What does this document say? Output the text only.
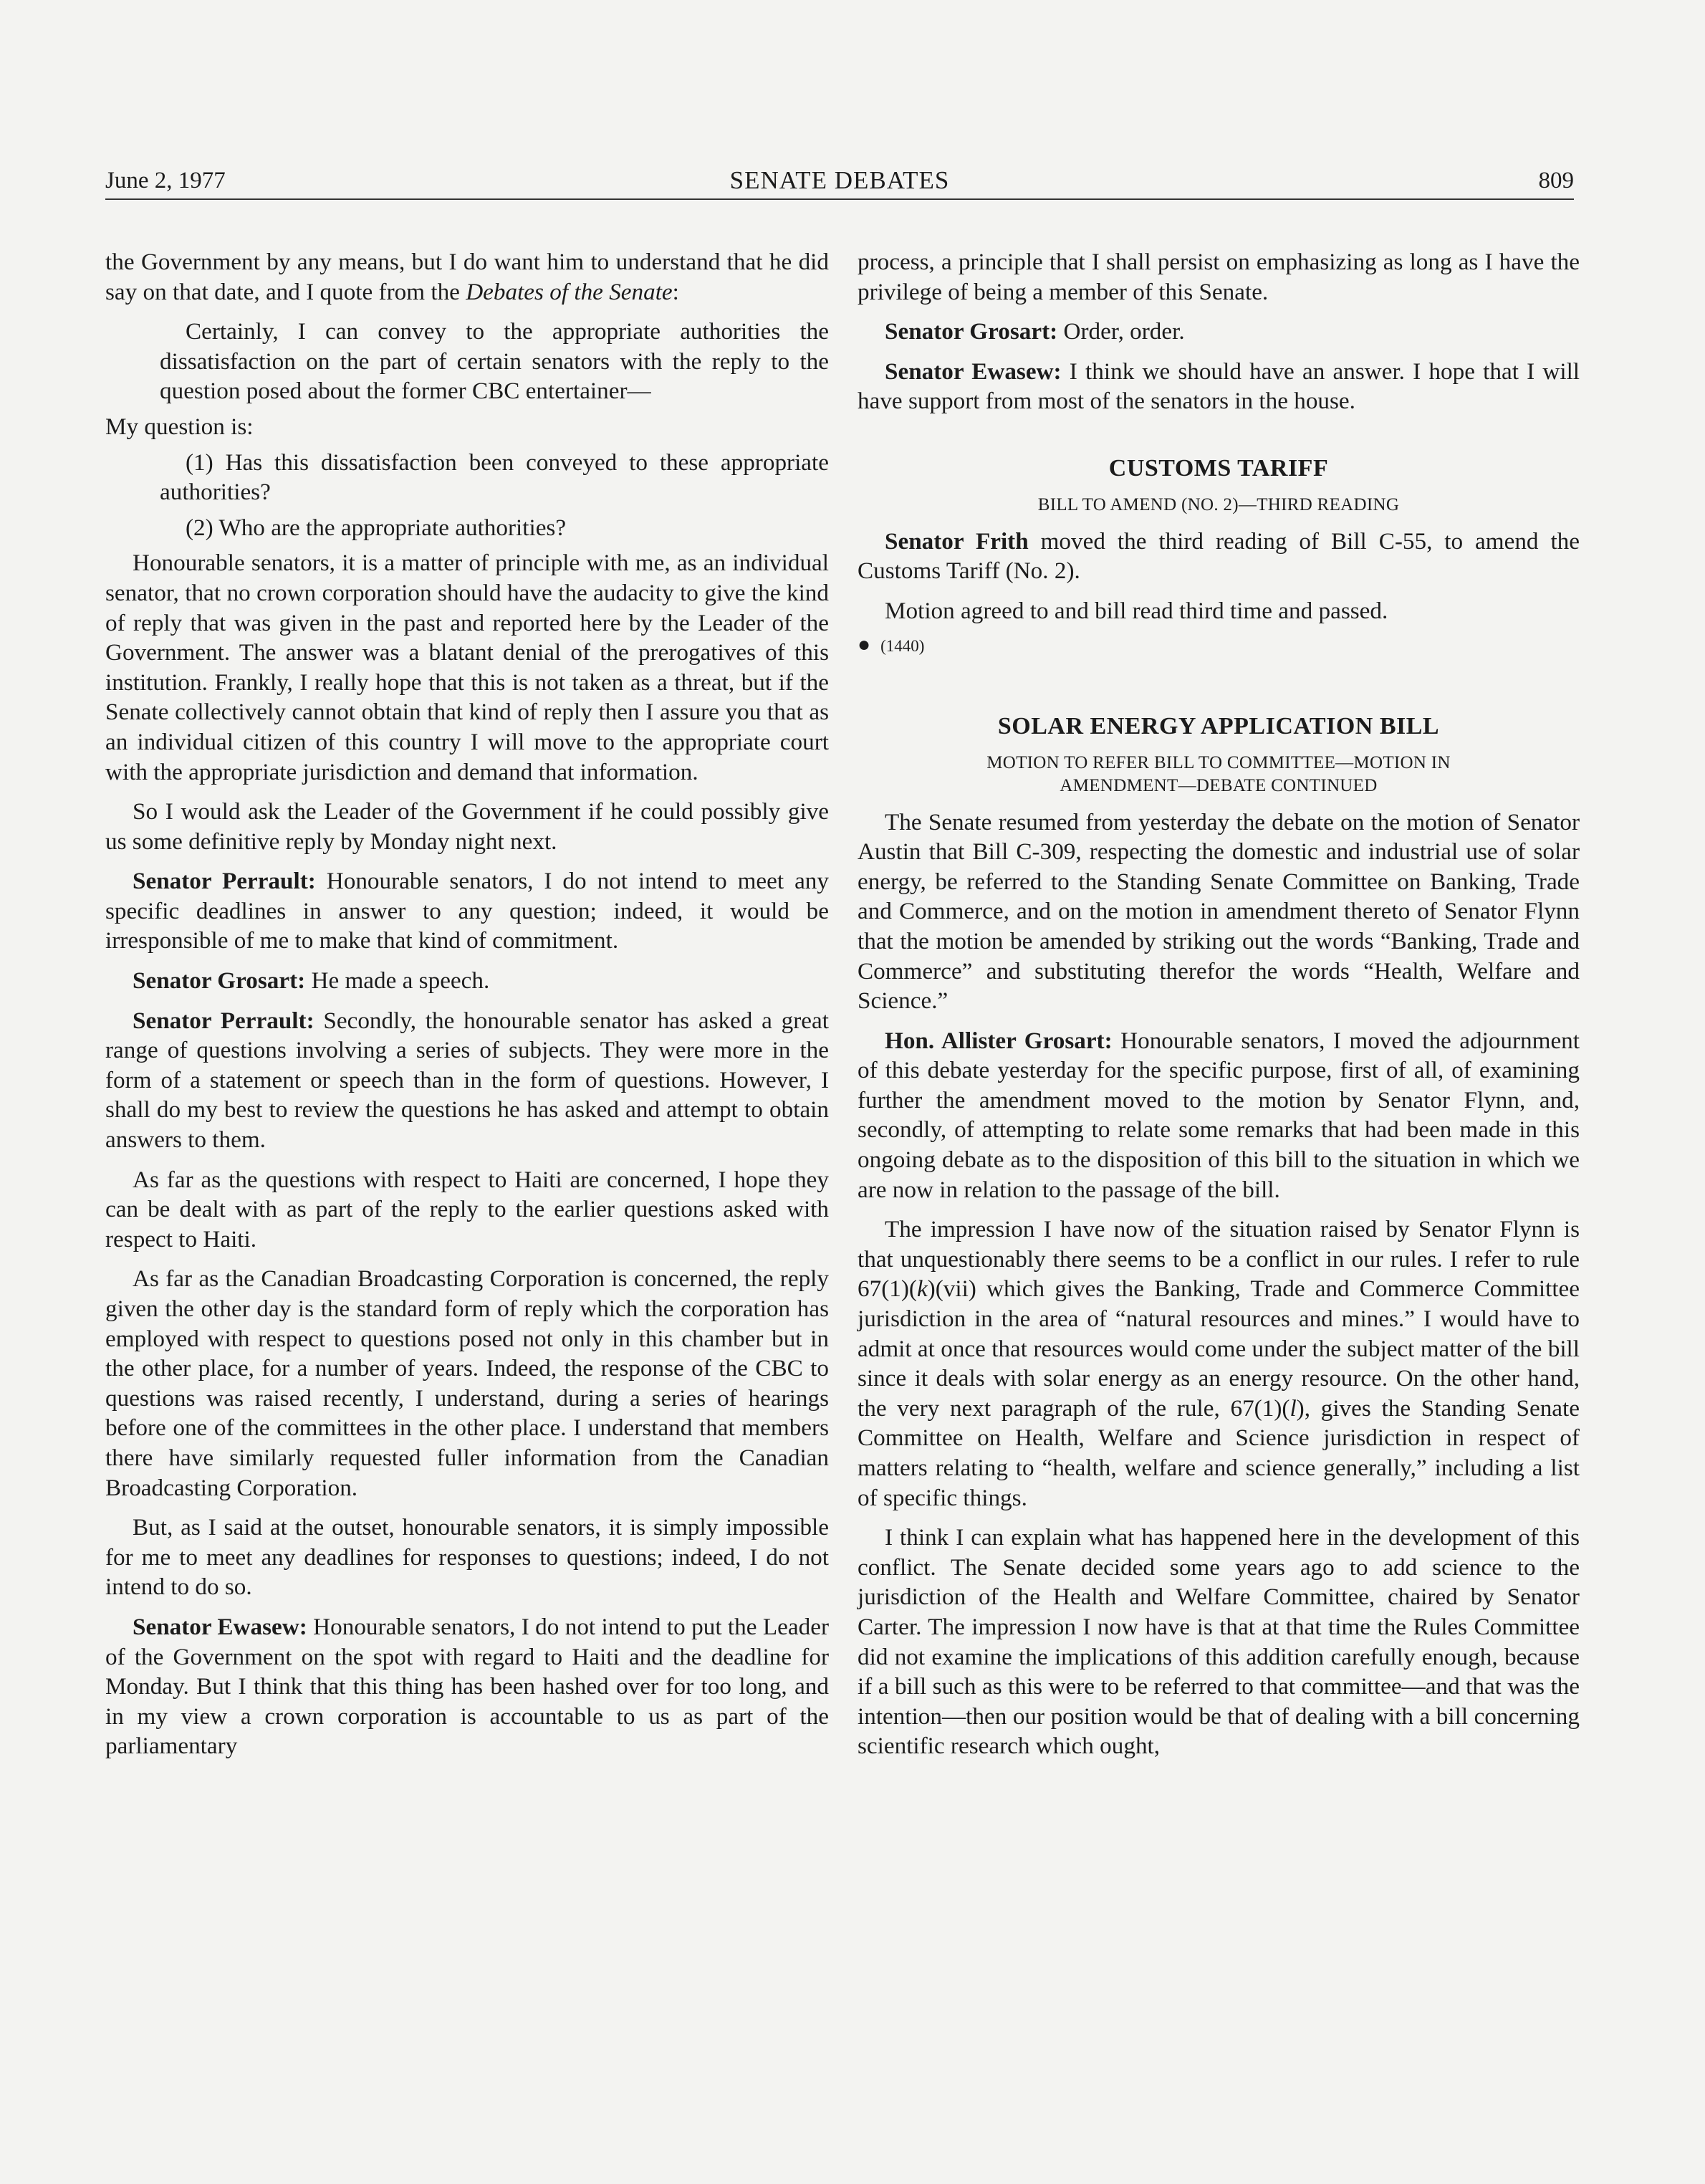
June 2, 1977	SENATE DEBATES	809

the Government by any means, but I do want him to understand that he did say on that date, and I quote from the Debates of the Senate:

Certainly, I can convey to the appropriate authorities the dissatisfaction on the part of certain senators with the reply to the question posed about the former CBC entertainer—

My question is:

(1) Has this dissatisfaction been conveyed to these appropriate authorities?

(2) Who are the appropriate authorities?

Honourable senators, it is a matter of principle with me, as an individual senator, that no crown corporation should have the audacity to give the kind of reply that was given in the past and reported here by the Leader of the Government. The answer was a blatant denial of the prerogatives of this institution. Frankly, I really hope that this is not taken as a threat, but if the Senate collectively cannot obtain that kind of reply then I assure you that as an individual citizen of this country I will move to the appropriate court with the appropriate jurisdiction and demand that information.

So I would ask the Leader of the Government if he could possibly give us some definitive reply by Monday night next.

Senator Perrault: Honourable senators, I do not intend to meet any specific deadlines in answer to any question; indeed, it would be irresponsible of me to make that kind of commitment.

Senator Grosart: He made a speech.

Senator Perrault: Secondly, the honourable senator has asked a great range of questions involving a series of subjects. They were more in the form of a statement or speech than in the form of questions. However, I shall do my best to review the questions he has asked and attempt to obtain answers to them.

As far as the questions with respect to Haiti are concerned, I hope they can be dealt with as part of the reply to the earlier questions asked with respect to Haiti.

As far as the Canadian Broadcasting Corporation is concerned, the reply given the other day is the standard form of reply which the corporation has employed with respect to questions posed not only in this chamber but in the other place, for a number of years. Indeed, the response of the CBC to questions was raised recently, I understand, during a series of hearings before one of the committees in the other place. I understand that members there have similarly requested fuller information from the Canadian Broadcasting Corporation.

But, as I said at the outset, honourable senators, it is simply impossible for me to meet any deadlines for responses to questions; indeed, I do not intend to do so.

Senator Ewasew: Honourable senators, I do not intend to put the Leader of the Government on the spot with regard to Haiti and the deadline for Monday. But I think that this thing has been hashed over for too long, and in my view a crown corporation is accountable to us as part of the parliamentary

process, a principle that I shall persist on emphasizing as long as I have the privilege of being a member of this Senate.

Senator Grosart: Order, order.

Senator Ewasew: I think we should have an answer. I hope that I will have support from most of the senators in the house.

CUSTOMS TARIFF
BILL TO AMEND (NO. 2)—THIRD READING

Senator Frith moved the third reading of Bill C-55, to amend the Customs Tariff (No. 2).

Motion agreed to and bill read third time and passed.

● (1440)
SOLAR ENERGY APPLICATION BILL
MOTION TO REFER BILL TO COMMITTEE—MOTION IN
AMENDMENT—DEBATE CONTINUED

The Senate resumed from yesterday the debate on the motion of Senator Austin that Bill C-309, respecting the domestic and industrial use of solar energy, be referred to the Standing Senate Committee on Banking, Trade and Commerce, and on the motion in amendment thereto of Senator Flynn that the motion be amended by striking out the words “Banking, Trade and Commerce” and substituting therefor the words “Health, Welfare and Science.”

Hon. Allister Grosart: Honourable senators, I moved the adjournment of this debate yesterday for the specific purpose, first of all, of examining further the amendment moved to the motion by Senator Flynn, and, secondly, of attempting to relate some remarks that had been made in this ongoing debate as to the disposition of this bill to the situation in which we are now in relation to the passage of the bill.

The impression I have now of the situation raised by Senator Flynn is that unquestionably there seems to be a conflict in our rules. I refer to rule 67(1)(k)(vii) which gives the Banking, Trade and Commerce Committee jurisdiction in the area of “natural resources and mines.” I would have to admit at once that resources would come under the subject matter of the bill since it deals with solar energy as an energy resource. On the other hand, the very next paragraph of the rule, 67(1)(l), gives the Standing Senate Committee on Health, Welfare and Science jurisdiction in respect of matters relating to “health, welfare and science generally,” including a list of specific things.

I think I can explain what has happened here in the development of this conflict. The Senate decided some years ago to add science to the jurisdiction of the Health and Welfare Committee, chaired by Senator Carter. The impression I now have is that at that time the Rules Committee did not examine the implications of this addition carefully enough, because if a bill such as this were to be referred to that committee—and that was the intention—then our position would be that of dealing with a bill concerning scientific research which ought,
